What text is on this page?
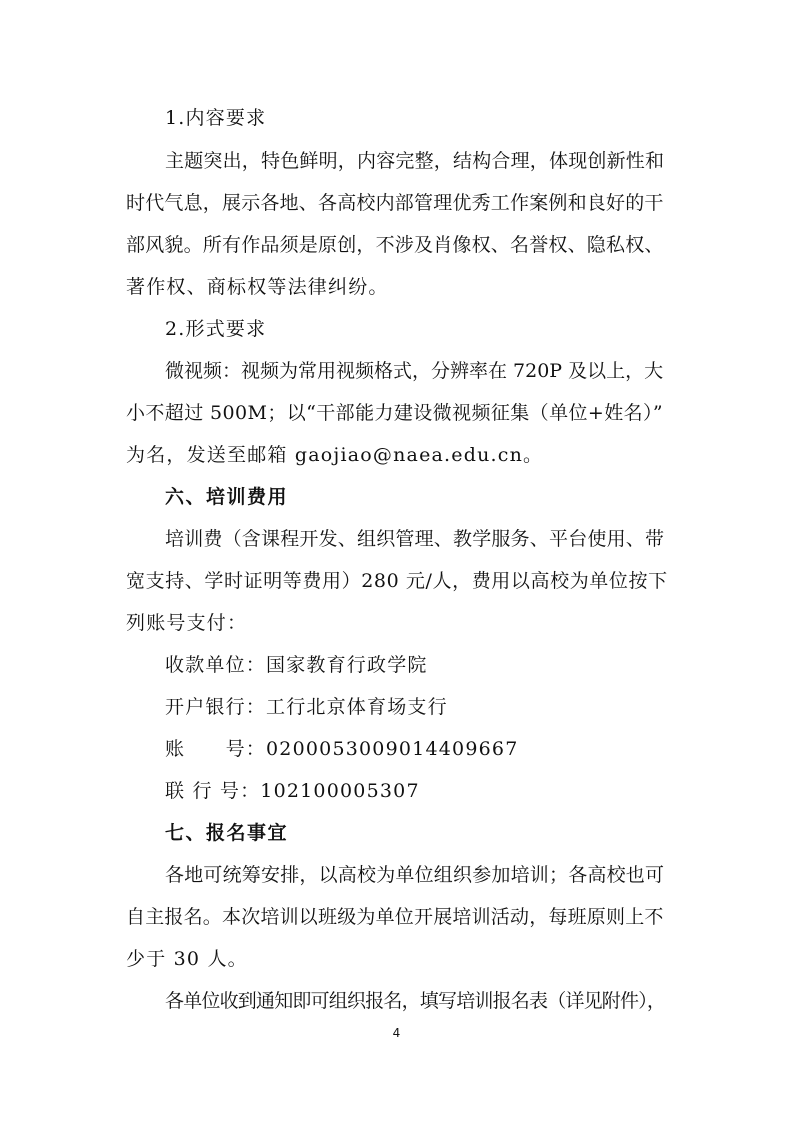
1.内容要求
主题突出，特色鲜明，内容完整，结构合理，体现创新性和
时代气息，展示各地、各高校内部管理优秀工作案例和良好的干
部风貌。所有作品须是原创，不涉及肖像权、名誉权、隐私权、
著作权、商标权等法律纠纷。
2.形式要求
微视频：视频为常用视频格式，分辨率在 720P 及以上，大
小不超过 500M；以“干部能力建设微视频征集（单位+姓名）”
为名，发送至邮箱 gaojiao@naea.edu.cn。
六、培训费用
培训费（含课程开发、组织管理、教学服务、平台使用、带
宽支持、学时证明等费用）280 元/人，费用以高校为单位按下
列账号支付：
收款单位：国家教育行政学院
开户银行：工行北京体育场支行
账　　号：0200053009014409667
联 行 号：102100005307
七、报名事宜
各地可统筹安排，以高校为单位组织参加培训；各高校也可
自主报名。本次培训以班级为单位开展培训活动，每班原则上不
少于 30 人。
各单位收到通知即可组织报名，填写培训报名表（详见附件），
4
